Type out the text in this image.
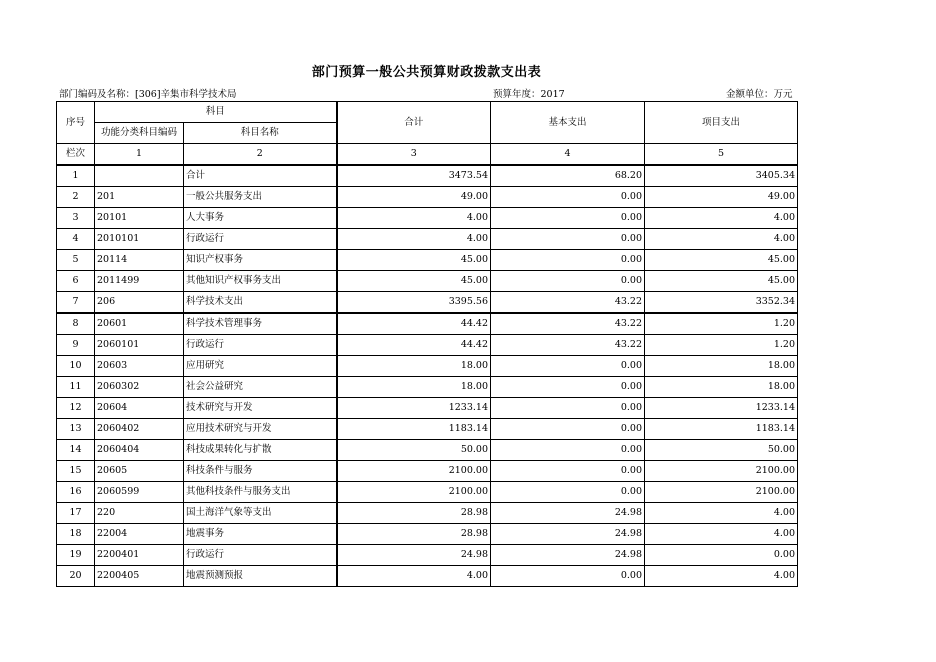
部门预算一般公共预算财政拨款支出表
部门编码及名称：[306]辛集市科学技术局	预算年度：2017	金额单位：万元
序号	科目		合计	基本支出	项目支出
	功能分类科目编码	科目名称			
栏次	1	2	3	4	5
1		合计	3473.54	68.20	3405.34
2	201	一般公共服务支出	49.00	0.00	49.00
3	20101	人大事务	4.00	0.00	4.00
4	2010101	行政运行	4.00	0.00	4.00
5	20114	知识产权事务	45.00	0.00	45.00
6	2011499	其他知识产权事务支出	45.00	0.00	45.00
7	206	科学技术支出	3395.56	43.22	3352.34
8	20601	科学技术管理事务	44.42	43.22	1.20
9	2060101	行政运行	44.42	43.22	1.20
10	20603	应用研究	18.00	0.00	18.00
11	2060302	社会公益研究	18.00	0.00	18.00
12	20604	技术研究与开发	1233.14	0.00	1233.14
13	2060402	应用技术研究与开发	1183.14	0.00	1183.14
14	2060404	科技成果转化与扩散	50.00	0.00	50.00
15	20605	科技条件与服务	2100.00	0.00	2100.00
16	2060599	其他科技条件与服务支出	2100.00	0.00	2100.00
17	220	国土海洋气象等支出	28.98	24.98	4.00
18	22004	地震事务	28.98	24.98	4.00
19	2200401	行政运行	24.98	24.98	0.00
20	2200405	地震预测预报	4.00	0.00	4.00
